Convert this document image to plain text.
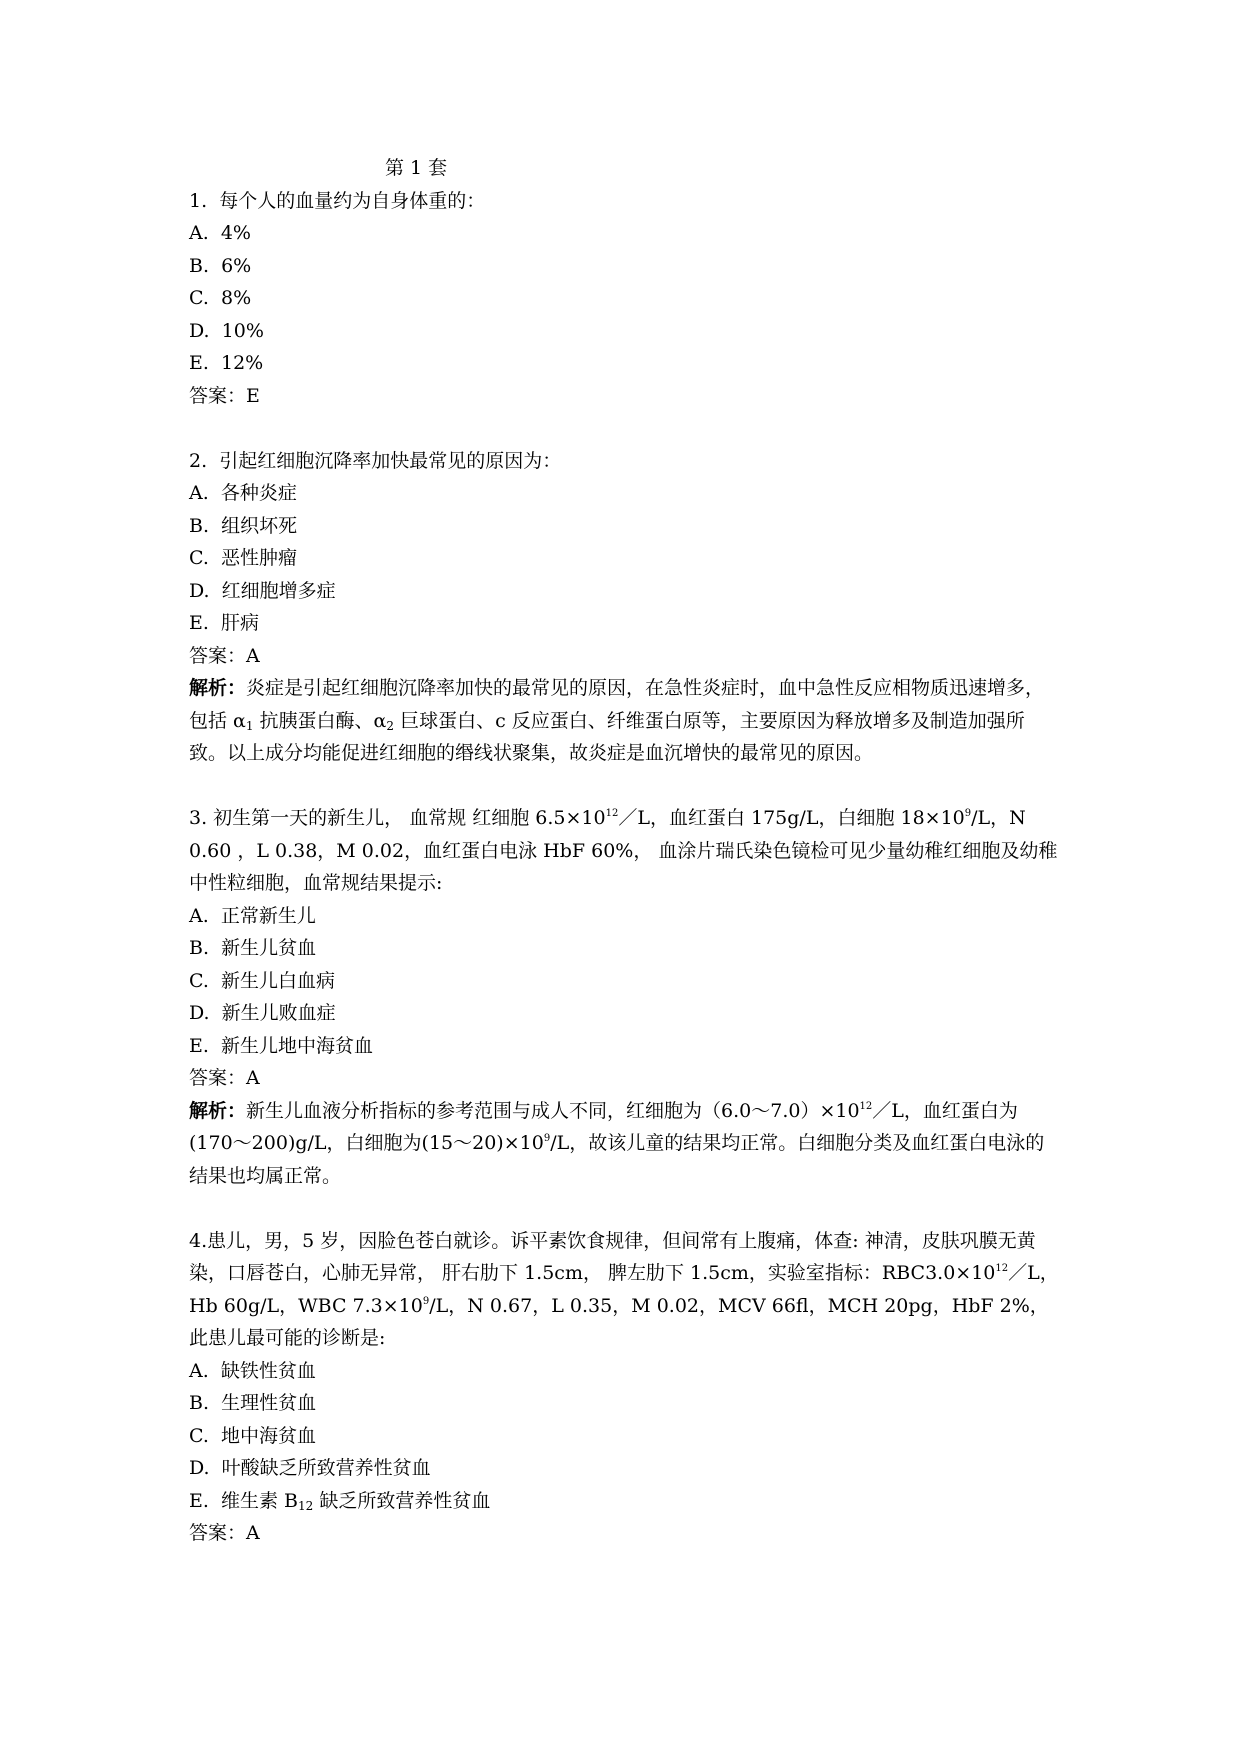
第 1 套
1.  每个人的血量约为自身体重的：
A.  4%
B.  6%
C.  8%
D.  10%
E.  12%
答案：E
2.  引起红细胞沉降率加快最常见的原因为：
A.  各种炎症
B.  组织坏死
C.  恶性肿瘤
D.  红细胞增多症
E.  肝病
答案：A
解析：炎症是引起红细胞沉降率加快的最常见的原因，在急性炎症时，血中急性反应相物质迅速增多，包括 $\alpha_1$ 抗胰蛋白酶、$\alpha_2$ 巨球蛋白、c 反应蛋白、纤维蛋白原等，主要原因为释放增多及制造加强所致。以上成分均能促进红细胞的缗线状聚集，故炎症是血沉增快的最常见的原因。
3. 初生第一天的新生儿， 血常规 红细胞 $6.5\times 10^{12}/L$，血红蛋白 175g/L，白细胞 $18\times 10^9/L$，N 0.60 ，L 0.38，M 0.02，血红蛋白电泳 HbF 60%， 血涂片瑞氏染色镜检可见少量幼稚红细胞及幼稚中性粒细胞，血常规结果提示:
A.  正常新生儿
B.  新生儿贫血
C.  新生儿白血病
D.  新生儿败血症
E.  新生儿地中海贫血
答案：A
解析：新生儿血液分析指标的参考范围与成人不同，红细胞为$(6.0\sim 7.0)\times 10^{12}/L$，血红蛋白为(170～200)g/L，白细胞为$(15\sim 20)\times 10^9/L$，故该儿童的结果均正常。白细胞分类及血红蛋白电泳的结果也均属正常。
4.患儿，男，5 岁，因脸色苍白就诊。诉平素饮食规律，但间常有上腹痛，体查: 神清，皮肤巩膜无黄染，口唇苍白，心肺无异常， 肝右肋下 1.5cm， 脾左肋下 1.5cm，实验室指标：$RBC3.0\times 10^{12}/L$，Hb 60g/L，WBC $7.3\times 10^9/L$，N 0.67，L 0.35，M 0.02，MCV 66fl，MCH 20pg，HbF 2%，此患儿最可能的诊断是:
A.  缺铁性贫血
B.  生理性贫血
C.  地中海贫血
D.  叶酸缺乏所致营养性贫血
E.  维生素 $B_{12}$ 缺乏所致营养性贫血
答案：A
